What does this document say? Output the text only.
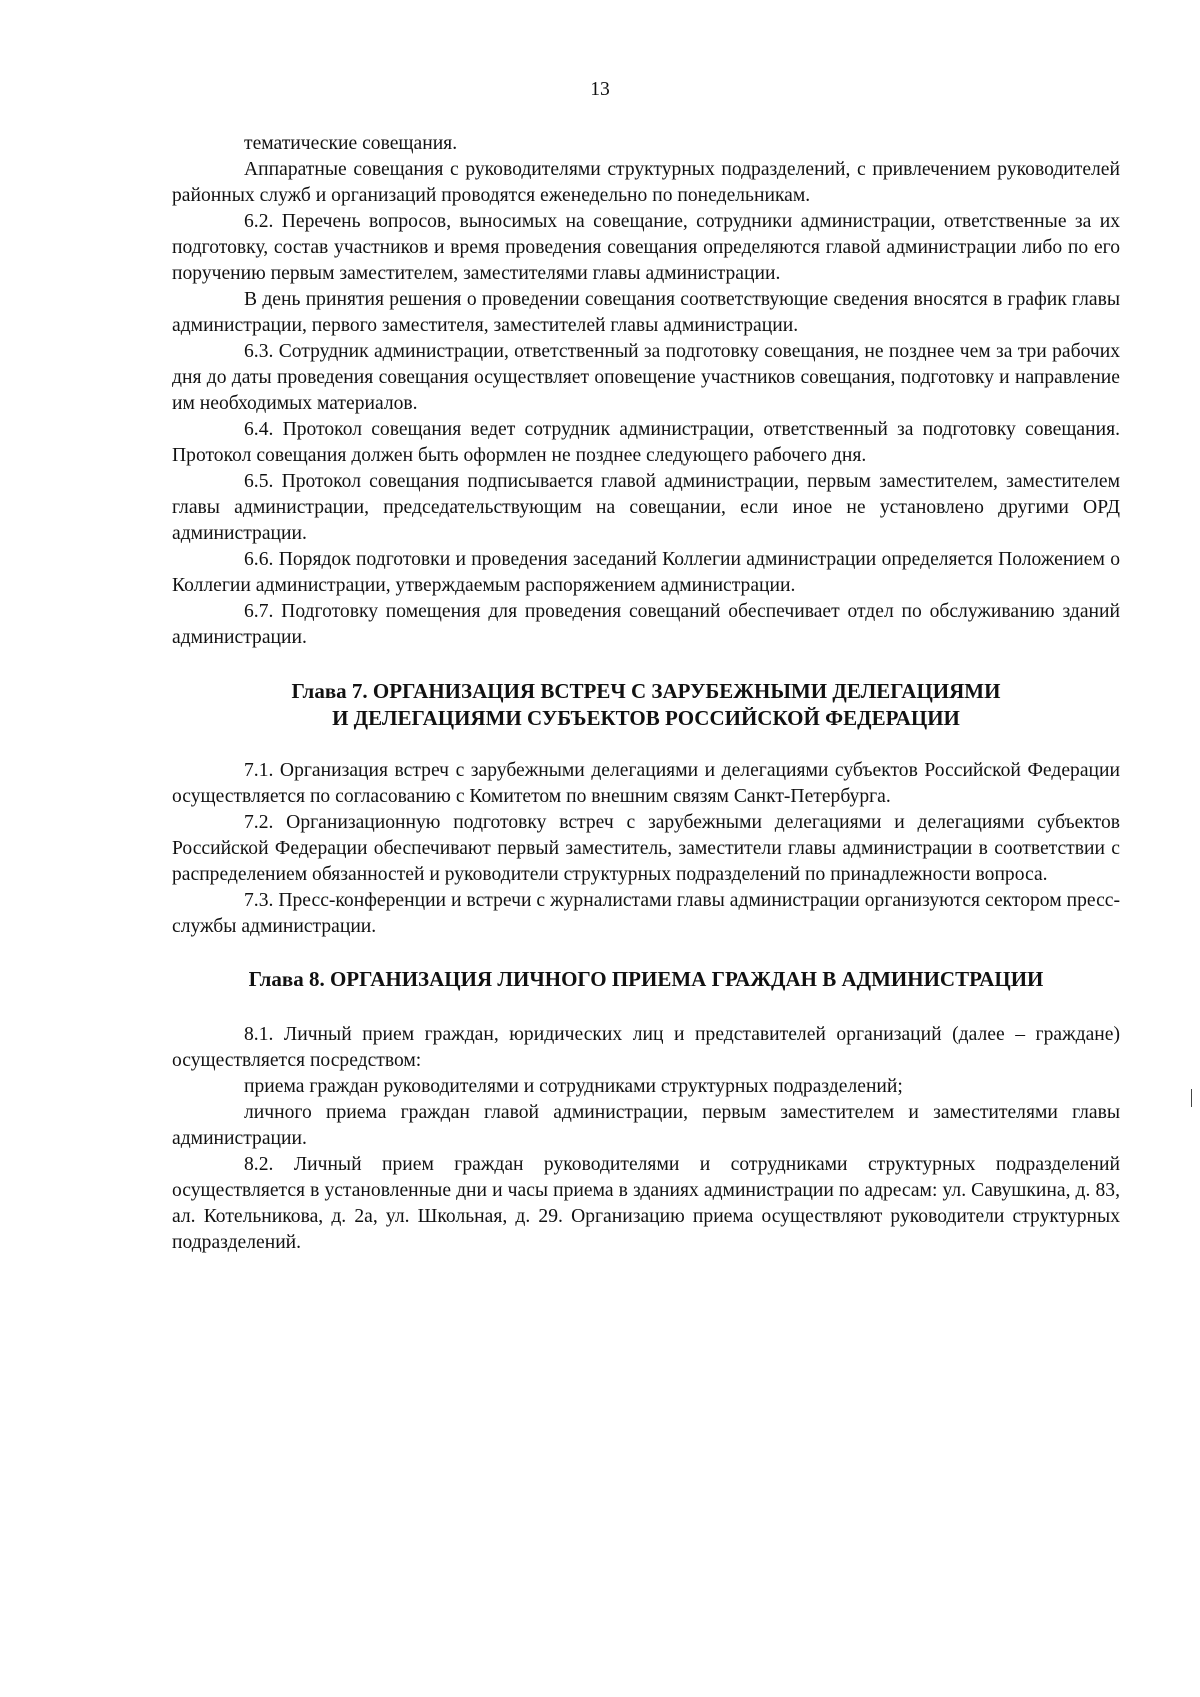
13

тематические совещания.

Аппаратные совещания с руководителями структурных подразделений, с привлечением руководителей районных служб и организаций проводятся еженедельно по понедельникам.

6.2. Перечень вопросов, выносимых на совещание, сотрудники администрации, ответственные за их подготовку, состав участников и время проведения совещания определяются главой администрации либо по его поручению первым заместителем, заместителями главы администрации.

В день принятия решения о проведении совещания соответствующие сведения вносятся в график главы администрации, первого заместителя, заместителей главы администрации.

6.3. Сотрудник администрации, ответственный за подготовку совещания, не позднее чем за три рабочих дня до даты проведения совещания осуществляет оповещение участников совещания, подготовку и направление им необходимых материалов.

6.4. Протокол совещания ведет сотрудник администрации, ответственный за подготовку совещания. Протокол совещания должен быть оформлен не позднее следующего рабочего дня.

6.5. Протокол совещания подписывается главой администрации, первым заместителем, заместителем главы администрации, председательствующим на совещании, если иное не установлено другими ОРД администрации.

6.6. Порядок подготовки и проведения заседаний Коллегии администрации определяется Положением о Коллегии администрации, утверждаемым распоряжением администрации.

6.7. Подготовку помещения для проведения совещаний обеспечивает отдел по обслуживанию зданий администрации.

Глава 7. ОРГАНИЗАЦИЯ ВСТРЕЧ С ЗАРУБЕЖНЫМИ ДЕЛЕГАЦИЯМИ
И ДЕЛЕГАЦИЯМИ СУБЪЕКТОВ РОССИЙСКОЙ ФЕДЕРАЦИИ

7.1. Организация встреч с зарубежными делегациями и делегациями субъектов Российской Федерации осуществляется по согласованию с Комитетом по внешним связям Санкт-Петербурга.

7.2. Организационную подготовку встреч с зарубежными делегациями и делегациями субъектов Российской Федерации обеспечивают первый заместитель, заместители главы администрации в соответствии с распределением обязанностей и руководители структурных подразделений по принадлежности вопроса.

7.3. Пресс-конференции и встречи с журналистами главы администрации организуются сектором пресс-службы администрации.

Глава 8. ОРГАНИЗАЦИЯ ЛИЧНОГО ПРИЕМА ГРАЖДАН В АДМИНИСТРАЦИИ

8.1. Личный прием граждан, юридических лиц и представителей организаций (далее – граждане) осуществляется посредством:

приема граждан руководителями и сотрудниками структурных подразделений;

личного приема граждан главой администрации, первым заместителем и заместителями главы администрации.

8.2. Личный прием граждан руководителями и сотрудниками структурных подразделений осуществляется в установленные дни и часы приема в зданиях администрации по адресам: ул. Савушкина, д. 83, ал. Котельникова, д. 2а, ул. Школьная, д. 29. Организацию приема осуществляют руководители структурных подразделений.
